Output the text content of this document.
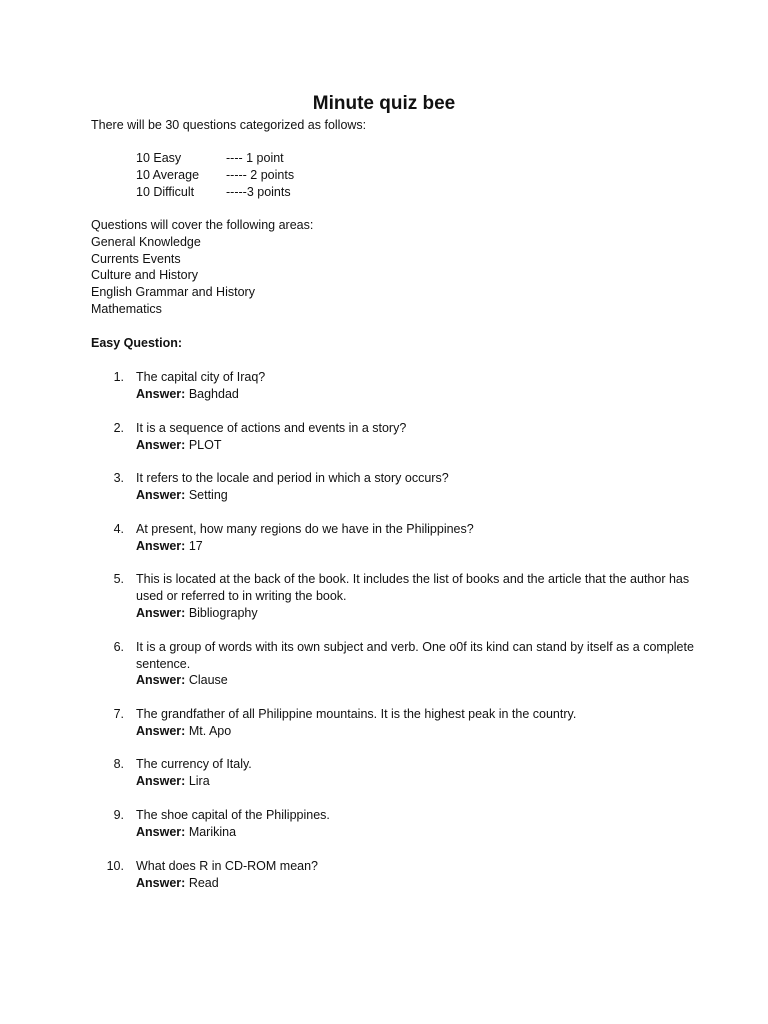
Minute quiz bee
There will be 30 questions categorized as follows:
10 Easy	---- 1 point
10 Average ----- 2 points
10 Difficult	-----3 points
Questions will cover the following areas:
General Knowledge
Currents Events
Culture and History
English Grammar and History
Mathematics
Easy Question:
1. The capital city of Iraq?
Answer: Baghdad
2. It is a sequence of actions and events in a story?
Answer: PLOT
3. It refers to the locale and period in which a story occurs?
Answer: Setting
4. At present, how many regions do we have in the Philippines?
Answer: 17
5. This is located at the back of the book. It includes the list of books and the article that the author has used or referred to in writing the book.
Answer: Bibliography
6. It is a group of words with its own subject and verb. One o0f its kind can stand by itself as a complete sentence.
Answer: Clause
7. The grandfather of all Philippine mountains. It is the highest peak in the country.
Answer: Mt. Apo
8. The currency of Italy.
Answer: Lira
9. The shoe capital of the Philippines.
Answer: Marikina
10. What does R in CD-ROM mean?
Answer: Read
